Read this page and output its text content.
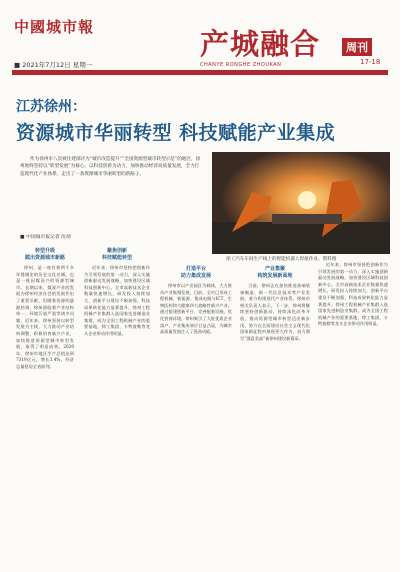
中國城市報
■ 2021年7月12日 星期一
产城融合	周刊
17-18
CHANYE RONGHE ZHOUKAN
江苏徐州：
资源城市华丽转型 科技赋能产业集成
作为徐州市八次被住建部评为“城市改造提升”“全国资源型城市转型示范”的地区，徐州始终坚持以“转型发展”为核心，以科技创新为动力，加快推动经济高质量发展，全力打造现代化产业体系，走出了一条资源城市华丽转型的新路子。
■ 中国城市报记者 沈靖
徐工汽车车间生产线上的智能机器人焊接作业。资料图
转型升级
蹚出资源城市新路

徐州，是一座有着两千多年建城史的历史文化名城，也是一座因煤而兴的资源型城市。长期以来，煤炭产业的发展为徐州经济社会的发展作出了重要贡献，但随着资源的逐渐枯竭，徐州面临着产业结构单一、环境污染严重等诸多问题。近年来，徐州坚持以转型发展为主线，大力推动产业结构调整，积极培育新兴产业，加快推进资源型城市转型发展，取得了明显成效。2020年，徐州市地区生产总值达到7319亿元，增长3.4%，经济总量稳居全省前列。

聚焦创新
科技赋能转型

近年来，徐州市坚持把创新作为引领发展的第一动力，深入实施创新驱动发展战略，加快建设区域科技创新中心。全市高新技术企业数量快速增长，研发投入持续加大，创新平台建设不断加强，科技成果转化能力显著提升。徐州工程机械产业集群入选国家先进制造业集群，成为全国工程机械产业的重要基地，徐工集团、卡特彼勒等龙头企业带动作用明显。

打造平台
助力集成发展

徐州市以产业园区为载体，大力推动产业集聚发展。目前，全市已形成工程机械、新能源、集成电路与ICT、生物医药和大健康四大战略性新兴产业。通过搭建创新平台、完善配套设施、优化营商环境，徐州吸引了大批优质企业落户，产业集成效应日益凸显，为城市高质量发展注入了强劲动能。

产业集聚
构筑发展新高地

当前，徐州正在加快推进高端装备制造、新一代信息技术等产业发展，着力构建现代产业体系。徐州市相关负责人表示，下一步，徐州将继续坚持创新驱动，持续深化改革开放，推动资源型城市转型迈出新步伐，努力在全面建设社会主义现代化国家新征程中展现更大作为，奋力谱写“强富美高”新徐州建设新篇章。

近年来，徐州市坚持把创新作为引领发展的第一动力，深入实施创新驱动发展战略，加快建设区域科技创新中心。全市高新技术企业数量快速增长，研发投入持续加大，创新平台建设不断加强，科技成果转化能力显著提升。徐州工程机械产业集群入选国家先进制造业集群，成为全国工程机械产业的重要基地，徐工集团、卡特彼勒等龙头企业带动作用明显。
